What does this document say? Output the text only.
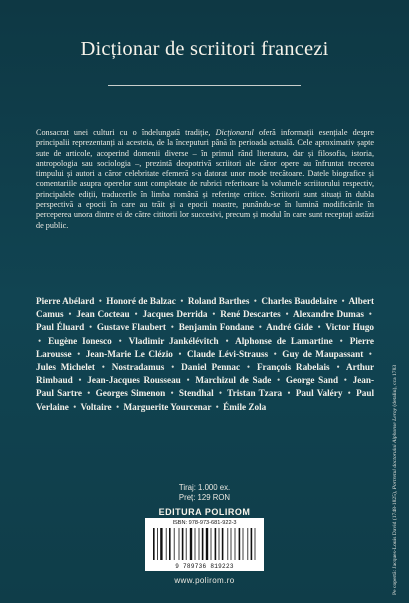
Dicționar de scriitori francezi
Consacrat unei culturi cu o îndelungată tradiție, Dicționarul oferă informații esențiale despre principalii reprezentanți ai acesteia, de la începuturi până în perioada actuală. Cele aproximativ șapte sute de articole, acoperind domenii diverse – în primul rând literatura, dar și filosofia, istoria, antropologia sau sociologia –, prezintă deopotrivă scriitori ale căror opere au înfruntat trecerea timpului și autori a căror celebritate efemeră s-a datorat unor mode trecătoare. Datele biografice și comentariile asupra operelor sunt completate de rubrici referitoare la volumele scriitorului respectiv, principalele ediții, traducerile în limba română și referințe critice. Scriitorii sunt situați în dubla perspectivă a epocii în care au trăit și a epocii noastre, punându-se în lumină modificările în perceperea unora dintre ei de către cititorii lor succesivi, precum și modul în care sunt receptați astăzi de public.
Pierre Abélard • Honoré de Balzac • Roland Barthes • Charles Baudelaire • Albert Camus • Jean Cocteau • Jacques Derrida • René Descartes • Alexandre Dumas • Paul Éluard • Gustave Flaubert • Benjamin Fondane • André Gide • Victor Hugo • Eugène Ionesco • Vladimir Jankélévitch • Alphonse de Lamartine • Pierre Larousse • Jean-Marie Le Clézio • Claude Lévi-Strauss • Guy de Maupassant • Jules Michelet • Nostradamus • Daniel Pennac • François Rabelais • Arthur Rimbaud • Jean-Jacques Rousseau • Marchizul de Sade • George Sand • Jean-Paul Sartre • Georges Simenon • Stendhal • Tristan Tzara • Paul Valéry • Paul Verlaine • Voltaire • Marguerite Yourcenar • Émile Zola
Tiraj: 1.000 ex.
Preț: 129 RON
EDITURA POLIROM
ISBN: 978-973-681-922-3
9 789736 819223
www.polirom.ro	Pe copertă: Jacques-Louis David (1748-1825), Portretul doctorului Alphonse Leroy (detaliu), cca 1783
